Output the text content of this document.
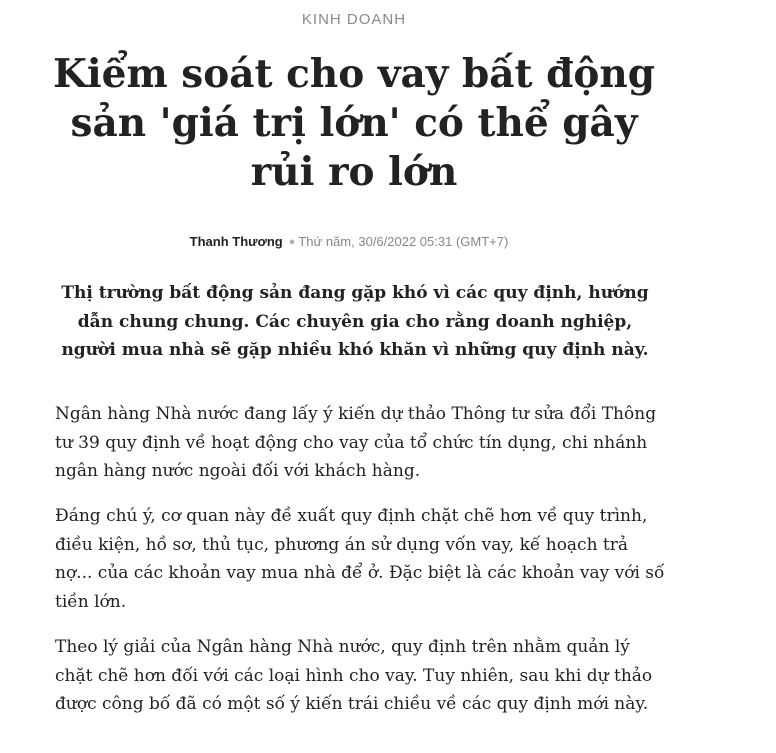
KINH DOANH
Kiểm soát cho vay bất động sản 'giá trị lớn' có thể gây rủi ro lớn
Thanh Thương ● Thứ năm, 30/6/2022 05:31 (GMT+7)

Thị trường bất động sản đang gặp khó vì các quy định, hướng dẫn chung chung. Các chuyên gia cho rằng doanh nghiệp, người mua nhà sẽ gặp nhiều khó khăn vì những quy định này.

Ngân hàng Nhà nước đang lấy ý kiến dự thảo Thông tư sửa đổi Thông tư 39 quy định về hoạt động cho vay của tổ chức tín dụng, chi nhánh ngân hàng nước ngoài đối với khách hàng.

Đáng chú ý, cơ quan này đề xuất quy định chặt chẽ hơn về quy trình, điều kiện, hồ sơ, thủ tục, phương án sử dụng vốn vay, kế hoạch trả nợ... của các khoản vay mua nhà để ở. Đặc biệt là các khoản vay với số tiền lớn.

Theo lý giải của Ngân hàng Nhà nước, quy định trên nhằm quản lý chặt chẽ hơn đối với các loại hình cho vay. Tuy nhiên, sau khi dự thảo được công bố đã có một số ý kiến trái chiều về các quy định mới này.
